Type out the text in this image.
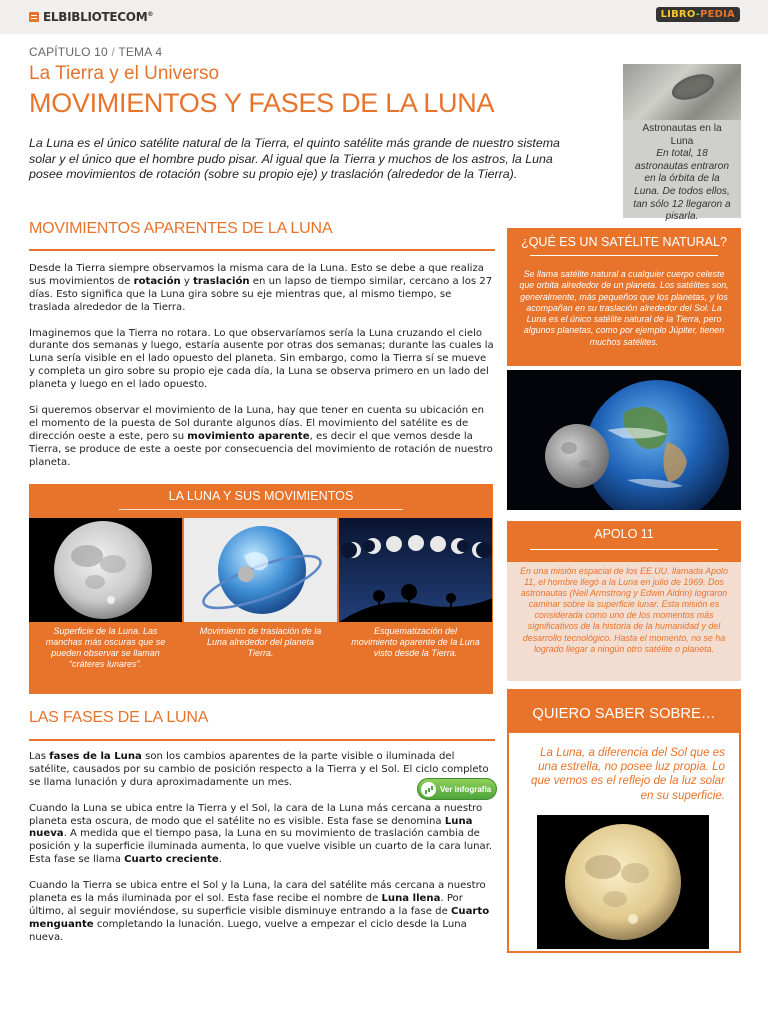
ELBIBLIOTECOM®	LIBRO-PEDIA
CAPÍTULO 10 / TEMA 4
La Tierra y el Universo
MOVIMIENTOS Y FASES DE LA LUNA

La Luna es el único satélite natural de la Tierra, el quinto satélite más grande de nuestro sistema solar y el único que el hombre pudo pisar. Al igual que la Tierra y muchos de los astros, la Luna posee movimientos de rotación (sobre su propio eje) y traslación (alrededor de la Tierra).

Astronautas en la Luna
En total, 18 astronautas entraron en la órbita de la Luna. De todos ellos, tan sólo 12 llegaron a pisarla.
MOVIMIENTOS APARENTES DE LA LUNA

Desde la Tierra siempre observamos la misma cara de la Luna. Esto se debe a que realiza sus movimientos de rotación y traslación en un lapso de tiempo similar, cercano a los 27 días. Esto significa que la Luna gira sobre su eje mientras que, al mismo tiempo, se traslada alrededor de la Tierra.

Imaginemos que la Tierra no rotara. Lo que observaríamos sería la Luna cruzando el cielo durante dos semanas y luego, estaría ausente por otras dos semanas; durante las cuales la Luna sería visible en el lado opuesto del planeta. Sin embargo, como la Tierra sí se mueve y completa un giro sobre su propio eje cada día, la Luna se observa primero en un lado del planeta y luego en el lado opuesto.

Si queremos observar el movimiento de la Luna, hay que tener en cuenta su ubicación en el momento de la puesta de Sol durante algunos días. El movimiento del satélite es de dirección oeste a este, pero su movimiento aparente, es decir el que vemos desde la Tierra, se produce de este a oeste por consecuencia del movimiento de rotación de nuestro planeta.

LA LUNA Y SUS MOVIMIENTOS
Superficie de la Luna. Las manchas más oscuras que se pueden observar se llaman “cráteres lunares”.
Movimiento de traslación de la Luna alrededor del planeta Tierra.
Esquematización del movimiento aparente de la Luna visto desde la Tierra.
¿QUÉ ES UN SATÉLITE NATURAL?
Se llama satélite natural a cualquier cuerpo celeste que orbita alrededor de un planeta. Los satélites son, generalmente, más pequeños que los planetas, y los acompañan en su traslación alrededor del Sol. La Luna es el único satélite natural de la Tierra, pero algunos planetas, como por ejemplo Júpiter, tienen muchos satélites.
APOLO 11
En una misión espacial de los EE.UU. llamada Apolo 11, el hombre llegó a la Luna en julio de 1969. Dos astronautas (Neil Armstrong y Edwin Aldrin) lograron caminar sobre la superficie lunar. Esta misión es considerada como uno de los momentos más significativos de la historia de la humanidad y del desarrollo tecnológico. Hasta el momento, no se ha logrado llegar a ningún otro satélite o planeta.
LAS FASES DE LA LUNA

Las fases de la Luna son los cambios aparentes de la parte visible o iluminada del satélite, causados por su cambio de posición respecto a la Tierra y el Sol. El ciclo completo se llama lunación y dura aproximadamente un mes.

Cuando la Luna se ubica entre la Tierra y el Sol, la cara de la Luna más cercana a nuestro planeta esta oscura, de modo que el satélite no es visible. Esta fase se denomina Luna nueva. A medida que el tiempo pasa, la Luna en su movimiento de traslación cambia de posición y la superficie iluminada aumenta, lo que vuelve visible un cuarto de la cara lunar. Esta fase se llama Cuarto creciente.

Cuando la Tierra se ubica entre el Sol y la Luna, la cara del satélite más cercana a nuestro planeta es la más iluminada por el sol. Esta fase recibe el nombre de Luna llena. Por último, al seguir moviéndose, su superficie visible disminuye entrando a la fase de Cuarto menguante completando la lunación. Luego, vuelve a empezar el ciclo desde la Luna nueva.

Ver infografía
QUIERO SABER SOBRE…
La Luna, a diferencia del Sol que es una estrella, no posee luz propia. Lo que vemos es el reflejo de la luz solar en su superficie.
